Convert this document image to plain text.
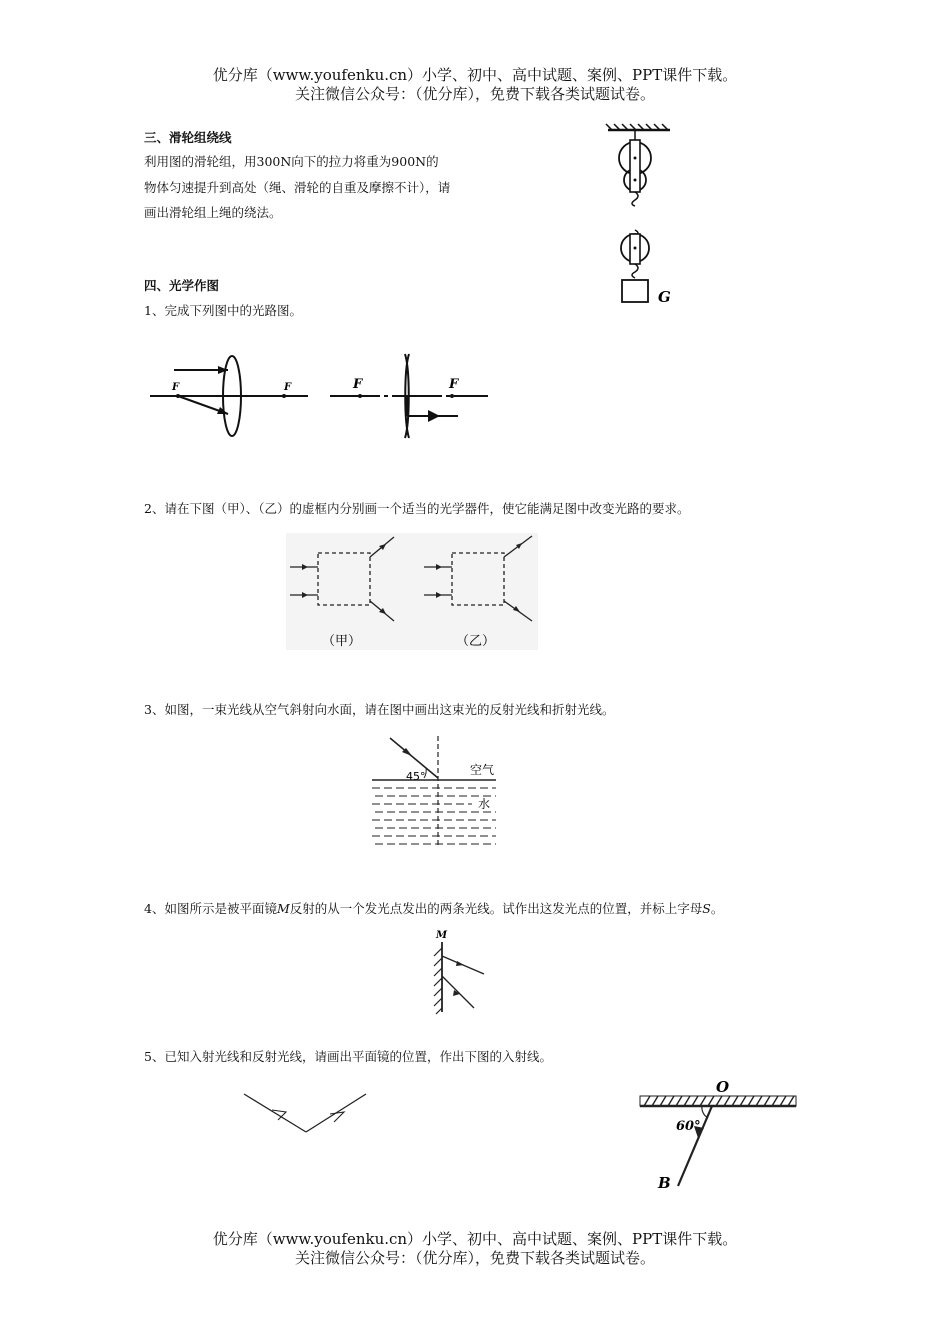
优分库（www.youfenku.cn）小学、初中、高中试题、案例、PPT课件下载。
关注微信公众号：（优分库），免费下载各类试题试卷。
三、滑轮组绕线
利用图的滑轮组，用300N向下的拉力将重为900N的
物体匀速提升到高处（绳、滑轮的自重及摩擦不计），请
画出滑轮组上绳的绕法。
G
四、光学作图
1、完成下列图中的光路图。
F	F	F	F
2、请在下图（甲）、（乙）的虚框内分别画一个适当的光学器件，使它能满足图中改变光路的要求。
（甲）	（乙）
3、如图，一束光线从空气斜射向水面，请在图中画出这束光的反射光线和折射光线。
45°	空气
水
4、如图所示是被平面镜M反射的从一个发光点发出的两条光线。试作出这发光点的位置，并标上字母S。
M
5、已知入射光线和反射光线，请画出平面镜的位置，作出下图的入射线。
O
60°
B
优分库（www.youfenku.cn）小学、初中、高中试题、案例、PPT课件下载。
关注微信公众号：（优分库），免费下载各类试题试卷。
